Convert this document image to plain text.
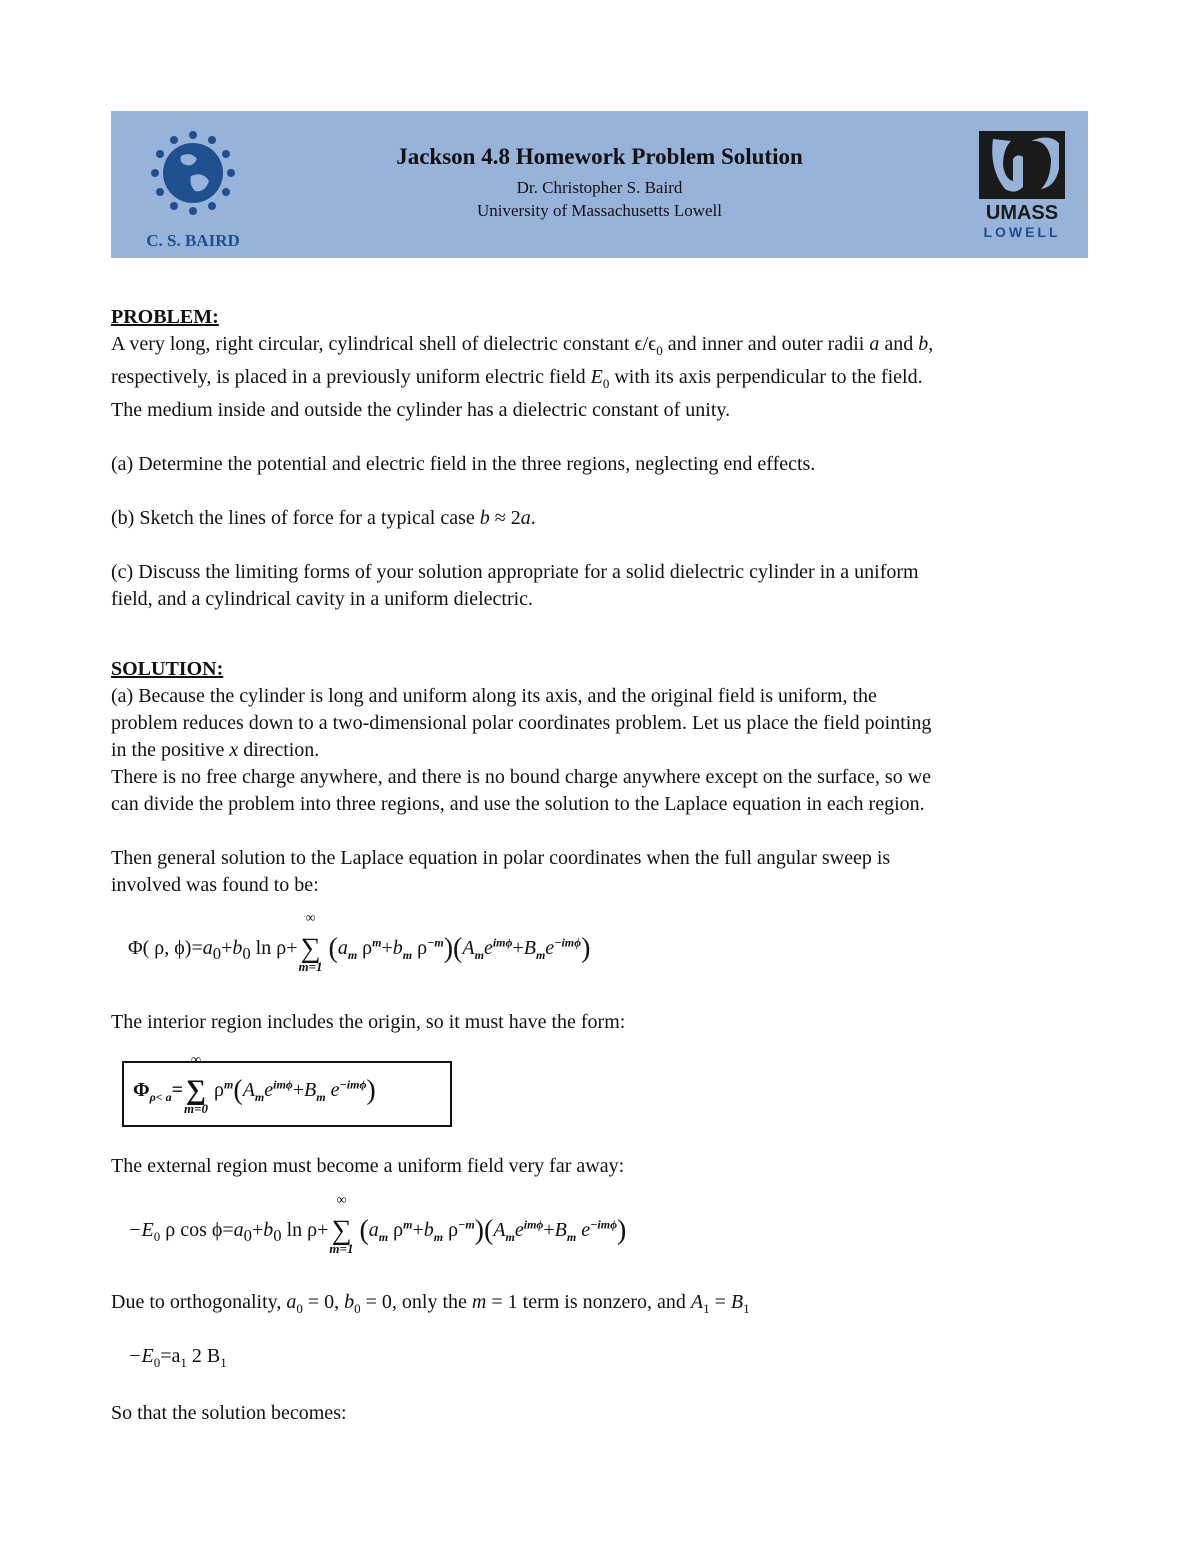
C. S. BAIRD
Jackson 4.8 Homework Problem Solution
Dr. Christopher S. Baird
University of Massachusetts Lowell	UMASS
LOWELL
PROBLEM:
A very long, right circular, cylindrical shell of dielectric constant $\epsilon/\epsilon_0$ and inner and outer radii a and b,
respectively, is placed in a previously uniform electric field $E_0$ with its axis perpendicular to the field.
The medium inside and outside the cylinder has a dielectric constant of unity.
(a) Determine the potential and electric field in the three regions, neglecting end effects.
(b) Sketch the lines of force for a typical case b ≈ 2a.
(c) Discuss the limiting forms of your solution appropriate for a solid dielectric cylinder in a uniform
field, and a cylindrical cavity in a uniform dielectric.
SOLUTION:
(a) Because the cylinder is long and uniform along its axis, and the original field is uniform, the
problem reduces down to a two-dimensional polar coordinates problem. Let us place the field pointing
in the positive x direction.
There is no free charge anywhere, and there is no bound charge anywhere except on the surface, so we
can divide the problem into three regions, and use the solution to the Laplace equation in each region.
Then general solution to the Laplace equation in polar coordinates when the full angular sweep is
involved was found to be:
Φ( ρ, $\phi)=a_0+b_0$ ln ρ+
∞
∑
m=1
($a_m$ $\rho^m+b_m$ $\rho^{-m})(A_me^{im\phi}+B_me^{-im\phi})$
The interior region includes the origin, so it must have the form:
$\Phi_{\rho< a}=$
∞
∑
m=0
$\rho^m(A_me^{im\phi}+B_m$ $e^{-im\phi}$)
The external region must become a uniform field very far away:
$-E_0$ ρ $\cos \phi=a_0+b_0$ ln ρ+
∞
∑
m=1
($a_m$ $\rho^m+b_m$ $\rho^{-m})(A_me^{im\phi}+B_m$ $e^{-im\phi}$)
Due to orthogonality, $a_0 = 0$, $b_0 = 0$, only the m = 1 term is nonzero, and $A_1 = B_1$
$-E_0=a_1$ 2 $B_1$
So that the solution becomes:
